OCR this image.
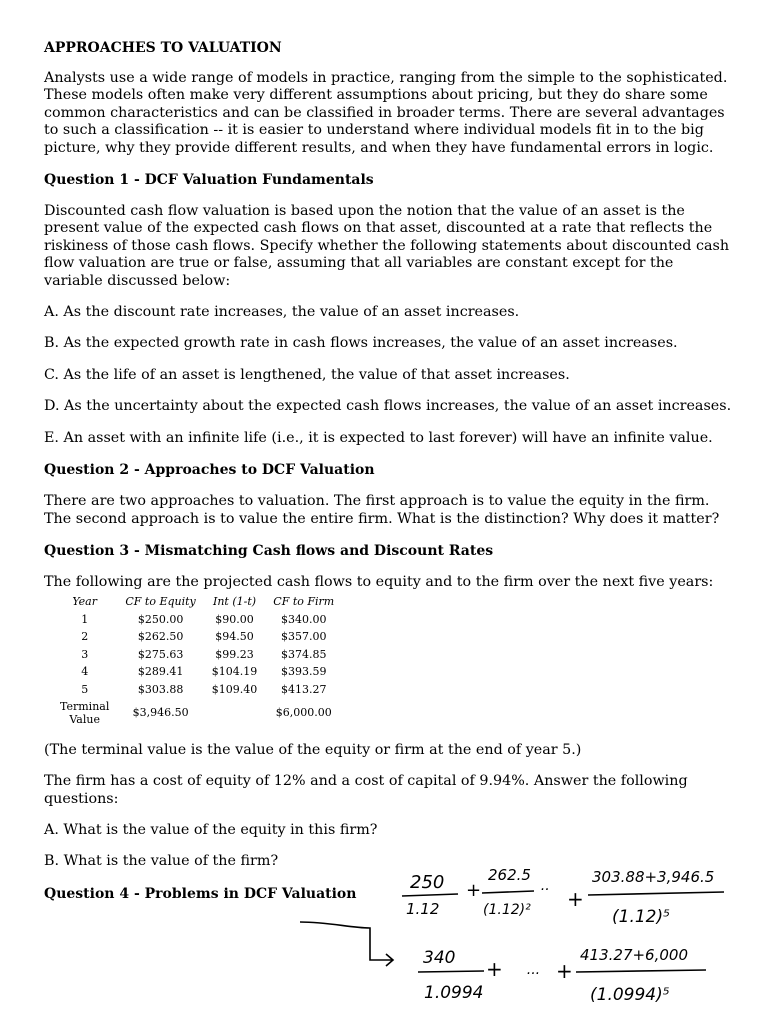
APPROACHES TO VALUATION

Analysts use a wide range of models in practice, ranging from the simple to the sophisticated. These models often make very different assumptions about pricing, but they do share some common characteristics and can be classified in broader terms. There are several advantages to such a classification -- it is easier to understand where individual models fit in to the big picture, why they provide different results, and when they have fundamental errors in logic.

Question 1 - DCF Valuation Fundamentals

Discounted cash flow valuation is based upon the notion that the value of an asset is the present value of the expected cash flows on that asset, discounted at a rate that reflects the riskiness of those cash flows. Specify whether the following statements about discounted cash flow valuation are true or false, assuming that all variables are constant except for the variable discussed below:

A. As the discount rate increases, the value of an asset increases.

B. As the expected growth rate in cash flows increases, the value of an asset increases.

C. As the life of an asset is lengthened, the value of that asset increases.

D. As the uncertainty about the expected cash flows increases, the value of an asset increases.

E. An asset with an infinite life (i.e., it is expected to last forever) will have an infinite value.

Question 2 - Approaches to DCF Valuation

There are two approaches to valuation. The first approach is to value the equity in the firm. The second approach is to value the entire firm. What is the distinction? Why does it matter?

Question 3 - Mismatching Cash flows and Discount Rates

The following are the projected cash flows to equity and to the firm over the next five years:

Year	CF to Equity	Int (1-t)	CF to Firm
1	$250.00	$90.00	$340.00
2	$262.50	$94.50	$357.00
3	$275.63	$99.23	$374.85
4	$289.41	$104.19	$393.59
5	$303.88	$109.40	$413.27
Terminal
Value	$3,946.50		$6,000.00

(The terminal value is the value of the equity or firm at the end of year 5.)

The firm has a cost of equity of 12% and a cost of capital of 9.94%. Answer the following questions:

A. What is the value of the equity in this firm?

B. What is the value of the firm?

Question 4 - Problems in DCF Valuation
250
1.12
+
262.5
(1.12)²
·· +
303.88+3,946.5
(1.12)⁵
340
1.0994
+ ··· +
413.27+6,000
(1.0994)⁵
